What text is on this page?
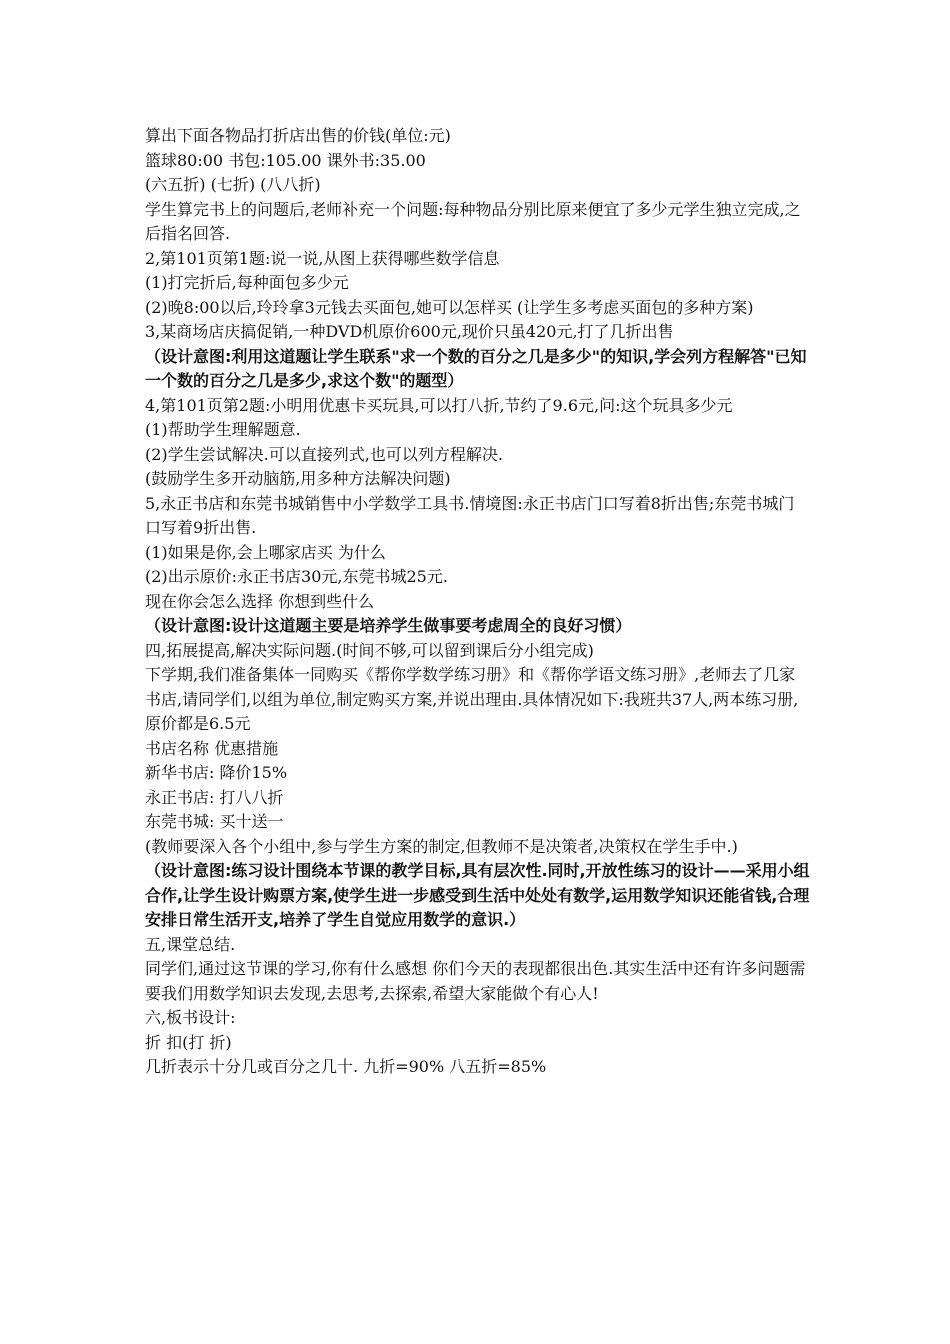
算出下面各物品打折店出售的价钱(单位:元)

篮球80:00 书包:105.00 课外书:35.00

(六五折) (七折) (八八折)

学生算完书上的问题后,老师补充一个问题:每种物品分别比原来便宜了多少元学生独立完成,之后指名回答.

2,第101页第1题:说一说,从图上获得哪些数学信息

(1)打完折后,每种面包多少元

(2)晚8:00以后,玲玲拿3元钱去买面包,她可以怎样买 (让学生多考虑买面包的多种方案)

3,某商场店庆搞促销,一种DVD机原价600元,现价只虽420元,打了几折出售

（设计意图:利用这道题让学生联系"求一个数的百分之几是多少"的知识,学会列方程解答"已知一个数的百分之几是多少,求这个数"的题型）

4,第101页第2题:小明用优惠卡买玩具,可以打八折,节约了9.6元,问:这个玩具多少元

(1)帮助学生理解题意.

(2)学生尝试解决.可以直接列式,也可以列方程解决.

(鼓励学生多开动脑筋,用多种方法解决问题)

5,永正书店和东莞书城销售中小学数学工具书.情境图:永正书店门口写着8折出售;东莞书城门口写着9折出售.

(1)如果是你,会上哪家店买 为什么

(2)出示原价:永正书店30元,东莞书城25元.

现在你会怎么选择 你想到些什么

（设计意图:设计这道题主要是培养学生做事要考虑周全的良好习惯）

四,拓展提高,解决实际问题.(时间不够,可以留到课后分小组完成)

下学期,我们准备集体一同购买《帮你学数学练习册》和《帮你学语文练习册》,老师去了几家书店,请同学们,以组为单位,制定购买方案,并说出理由.具体情况如下:我班共37人,两本练习册,原价都是6.5元

书店名称 优惠措施

新华书店: 降价15%

永正书店: 打八八折

东莞书城: 买十送一

(教师要深入各个小组中,参与学生方案的制定,但教师不是决策者,决策权在学生手中.)

（设计意图:练习设计围绕本节课的教学目标,具有层次性.同时,开放性练习的设计——采用小组合作,让学生设计购票方案,使学生进一步感受到生活中处处有数学,运用数学知识还能省钱,合理安排日常生活开支,培养了学生自觉应用数学的意识.）

五,课堂总结.

同学们,通过这节课的学习,你有什么感想 你们今天的表现都很出色.其实生活中还有许多问题需要我们用数学知识去发现,去思考,去探索,希望大家能做个有心人!

六,板书设计:

折 扣(打 折)

几折表示十分几或百分之几十. 九折=90% 八五折=85%
